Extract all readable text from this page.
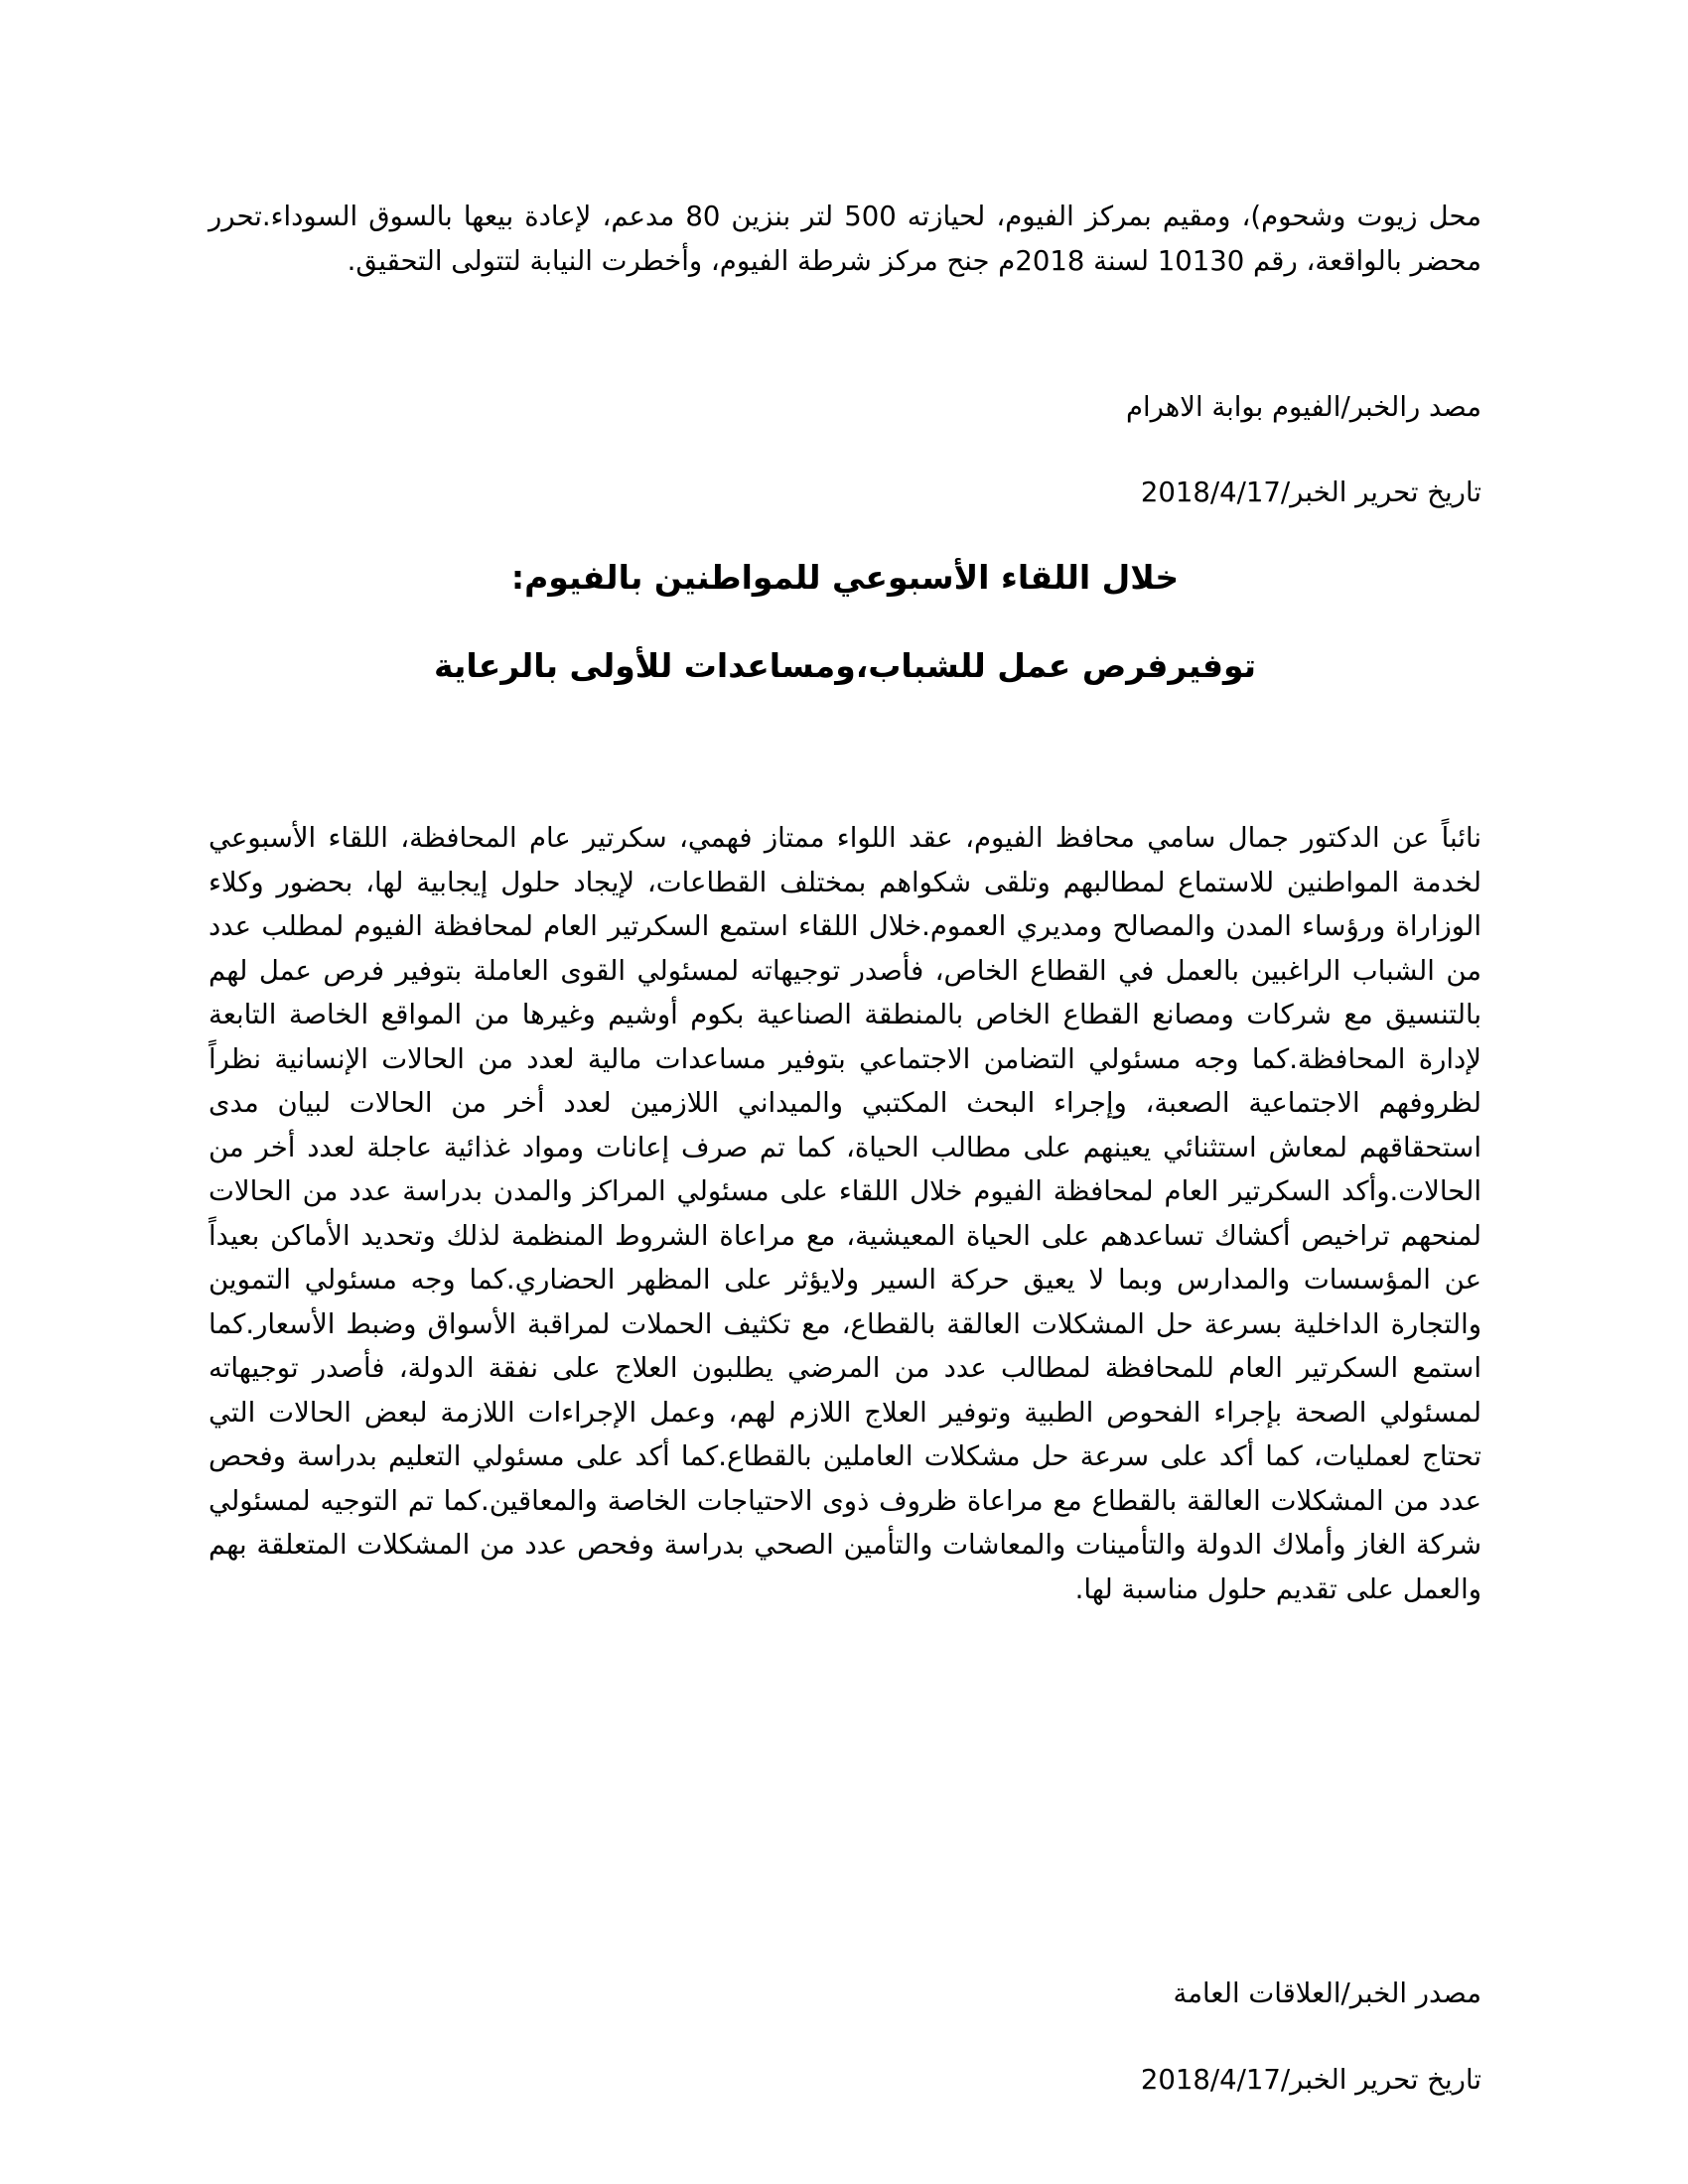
محل زيوت وشحوم)، ومقيم بمركز الفيوم، لحيازته 500 لتر بنزين 80 مدعم، لإعادة بيعها بالسوق السوداء.تحرر محضر بالواقعة، رقم 10130 لسنة 2018م جنح مركز شرطة الفيوم، وأخطرت النيابة لتتولى التحقيق.

مصد رالخبر/الفيوم بوابة الاهرام

تاريخ تحرير الخبر/2018/4/17

خلال اللقاء الأسبوعي للمواطنين بالفيوم:
توفيرفرص عمل للشباب،ومساعدات للأولى بالرعاية

نائباً عن الدكتور جمال سامي محافظ الفيوم، عقد اللواء ممتاز فهمي، سكرتير عام المحافظة، اللقاء الأسبوعي لخدمة المواطنين للاستماع لمطالبهم وتلقى شكواهم بمختلف القطاعات، لإيجاد حلول إيجابية لها، بحضور وكلاء الوزاراة ورؤساء المدن والمصالح ومديري العموم.خلال اللقاء استمع السكرتير العام لمحافظة الفيوم لمطلب عدد من الشباب الراغبين بالعمل في القطاع الخاص، فأصدر توجيهاته لمسئولي القوى العاملة بتوفير فرص عمل لهم بالتنسيق مع شركات ومصانع القطاع الخاص بالمنطقة الصناعية بكوم أوشيم وغيرها من المواقع الخاصة التابعة لإدارة المحافظة.كما وجه مسئولي التضامن الاجتماعي بتوفير مساعدات مالية لعدد من الحالات الإنسانية نظراً لظروفهم الاجتماعية الصعبة، وإجراء البحث المكتبي والميداني اللازمين لعدد أخر من الحالات لبيان مدى استحقاقهم لمعاش استثنائي يعينهم على مطالب الحياة، كما تم صرف إعانات ومواد غذائية عاجلة لعدد أخر من الحالات.وأكد السكرتير العام لمحافظة الفيوم خلال اللقاء على مسئولي المراكز والمدن بدراسة عدد من الحالات لمنحهم تراخيص أكشاك تساعدهم على الحياة المعيشية، مع مراعاة الشروط المنظمة لذلك وتحديد الأماكن بعيداً عن المؤسسات والمدارس وبما لا يعيق حركة السير ولايؤثر على المظهر الحضاري.كما وجه مسئولي التموين والتجارة الداخلية بسرعة حل المشكلات العالقة بالقطاع، مع تكثيف الحملات لمراقبة الأسواق وضبط الأسعار.كما استمع السكرتير العام للمحافظة لمطالب عدد من المرضي يطلبون العلاج على نفقة الدولة، فأصدر توجيهاته لمسئولي الصحة بإجراء الفحوص الطبية وتوفير العلاج اللازم لهم، وعمل الإجراءات اللازمة لبعض الحالات التي تحتاج لعمليات، كما أكد على سرعة حل مشكلات العاملين بالقطاع.كما أكد على مسئولي التعليم بدراسة وفحص عدد من المشكلات العالقة بالقطاع مع مراعاة ظروف ذوى الاحتياجات الخاصة والمعاقين.كما تم التوجيه لمسئولي شركة الغاز وأملاك الدولة والتأمينات والمعاشات والتأمين الصحي بدراسة وفحص عدد من المشكلات المتعلقة بهم والعمل على تقديم حلول مناسبة لها.

مصدر الخبر/العلاقات العامة

تاريخ تحرير الخبر/2018/4/17
